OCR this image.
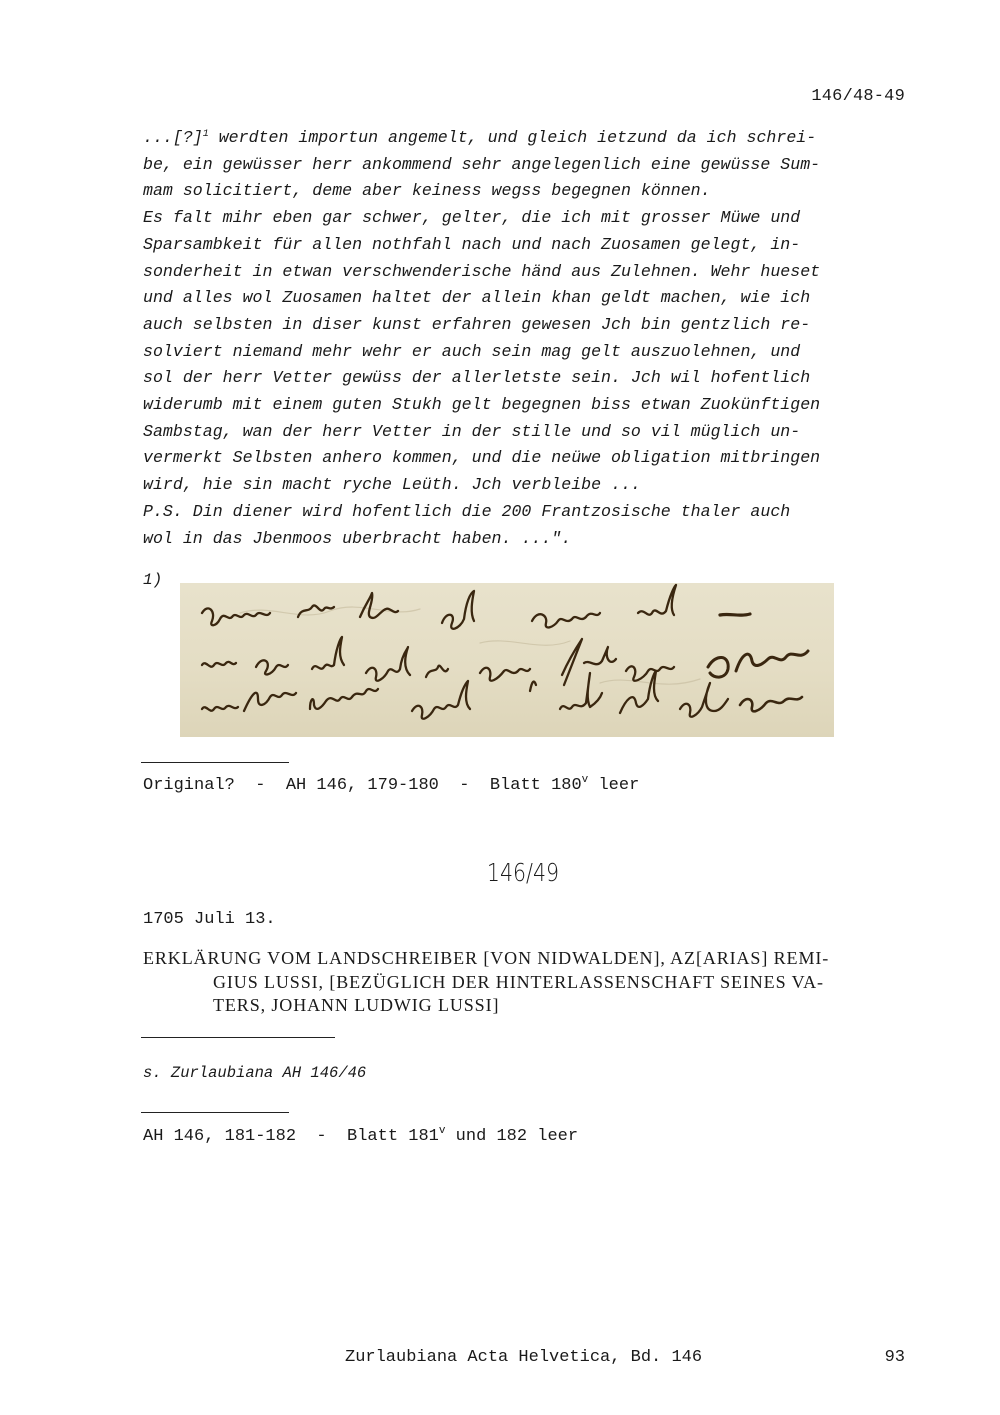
146/48-49

...[?]$^1$ werdten importun angemelt, und gleich ietzund da ich schrei-

be, ein gewüsser herr ankommend sehr angelegenlich eine gewüsse Sum-

mam solicitiert, deme aber keiness wegss begegnen können.

Es falt mihr eben gar schwer, gelter, die ich mit grosser Müwe und

Sparsambkeit für allen nothfahl nach und nach Zuosamen gelegt, in-

sonderheit in etwan verschwenderische händ aus Zulehnen. Wehr hueset

und alles wol Zuosamen haltet der allein khan geldt machen, wie ich

auch selbsten in diser kunst erfahren gewesen Jch bin gentzlich re-

solviert niemand mehr wehr er auch sein mag gelt auszuolehnen, und

sol der herr Vetter gewüss der allerletste sein. Jch wil hofentlich

widerumb mit einem guten Stukh gelt begegnen biss etwan Zuokünftigen

Sambstag, wan der herr Vetter in der stille und so vil müglich un-

vermerkt Selbsten anhero kommen, und die neüwe obligation mitbringen

wird, hie sin macht ryche Leüth. Jch verbleibe ...

P.S. Din diener wird hofentlich die 200 Frantzosische thaler auch

wol in das Jbenmoos uberbracht haben. ...".

1)
Original?  -  AH 146, 179-180  -  Blatt 180$^v$ leer
146/49
1705 Juli 13.
ERKLÄRUNG VOM LANDSCHREIBER [VON NIDWALDEN], AZ[ARIAS] REMI-
GIUS LUSSI, [BEZÜGLICH DER HINTERLASSENSCHAFT SEINES VA-
TERS, JOHANN LUDWIG LUSSI]
s. Zurlaubiana AH 146/46
AH 146, 181-182  -  Blatt 181$^v$ und 182 leer
Zurlaubiana Acta Helvetica, Bd. 146	93
